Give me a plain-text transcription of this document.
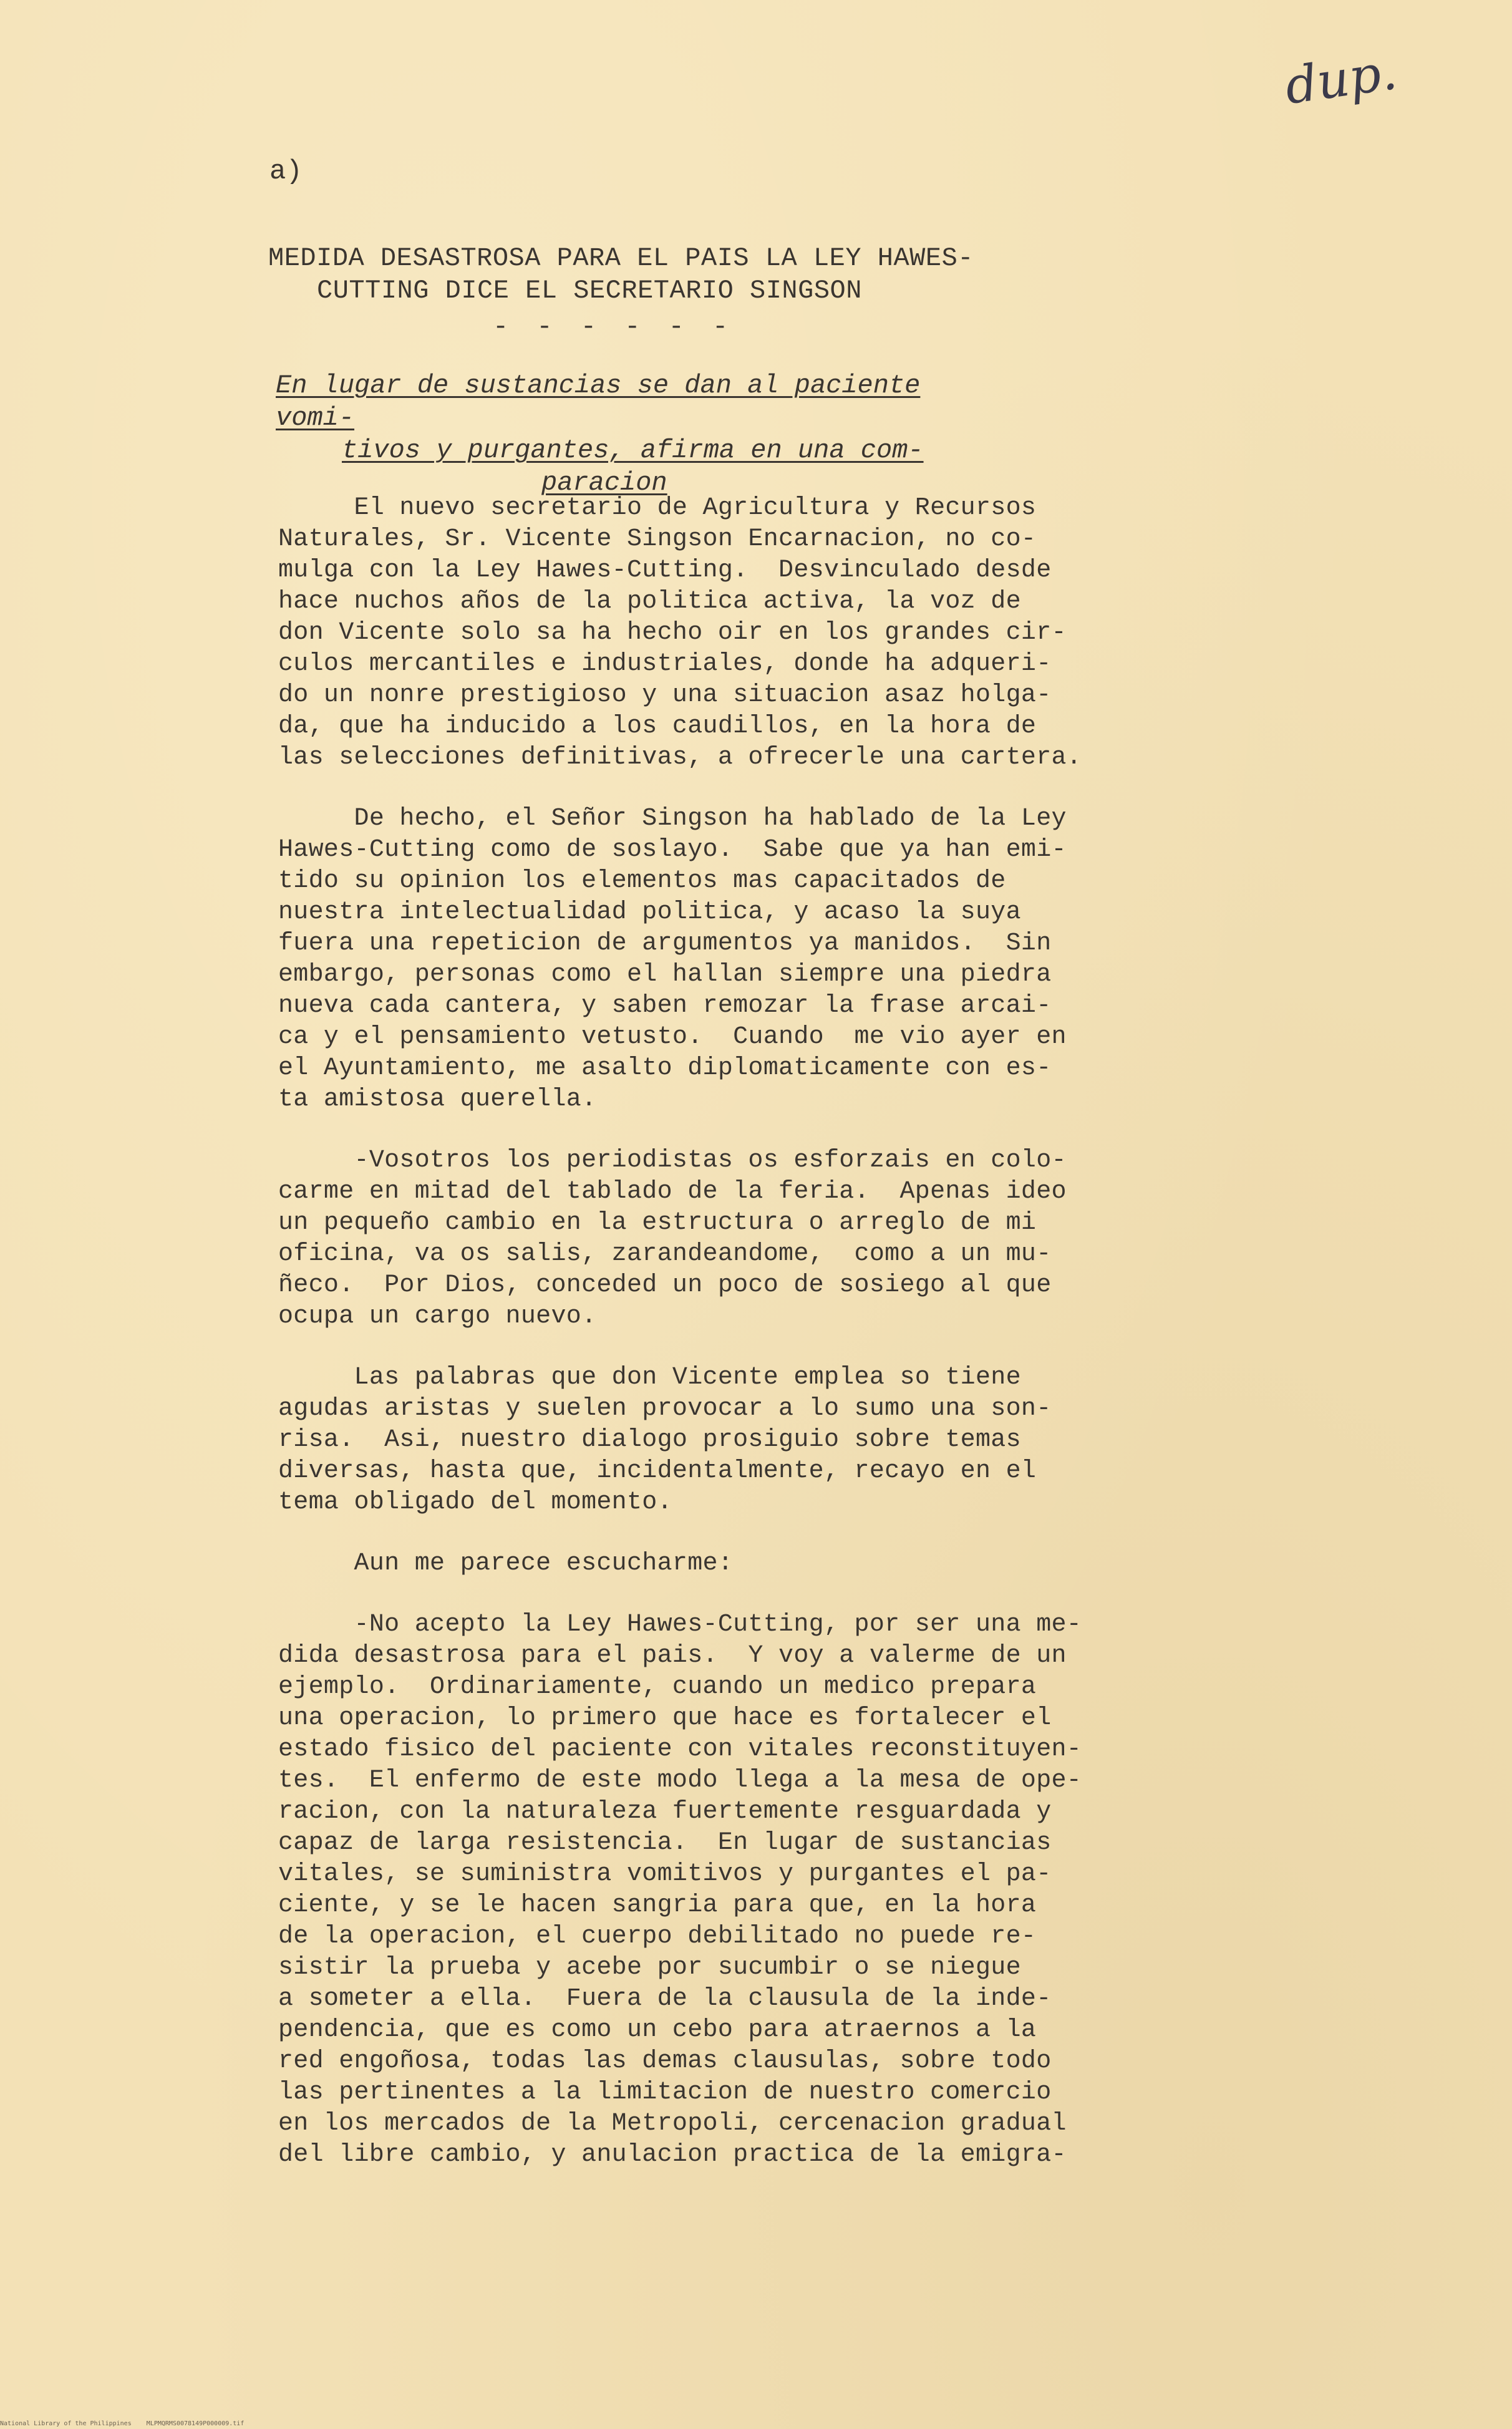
dup.
a)
MEDIDA DESASTROSA PARA EL PAIS LA LEY HAWES-
CUTTING DICE EL SECRETARIO SINGSON
- - - - - -
En lugar de sustancias se dan al paciente vomi-
tivos y purgantes, afirma en una com-
paracion
El nuevo secretario de Agricultura y Recursos
Naturales, Sr. Vicente Singson Encarnacion, no co-
mulga con la Ley Hawes-Cutting.  Desvinculado desde
hace nuchos años de la politica activa, la voz de
don Vicente solo sa ha hecho oir en los grandes cir-
culos mercantiles e industriales, donde ha adqueri-
do un nonre prestigioso y una situacion asaz holga-
da, que ha inducido a los caudillos, en la hora de
las selecciones definitivas, a ofrecerle una cartera.
De hecho, el Señor Singson ha hablado de la Ley
Hawes-Cutting como de soslayo.  Sabe que ya han emi-
tido su opinion los elementos mas capacitados de
nuestra intelectualidad politica, y acaso la suya
fuera una repeticion de argumentos ya manidos.  Sin
embargo, personas como el hallan siempre una piedra
nueva cada cantera, y saben remozar la frase arcai-
ca y el pensamiento vetusto.  Cuando  me vio ayer en
el Ayuntamiento, me asalto diplomaticamente con es-
ta amistosa querella.
-Vosotros los periodistas os esforzais en colo-
carme en mitad del tablado de la feria.  Apenas ideo
un pequeño cambio en la estructura o arreglo de mi
oficina, va os salis, zarandeandome,  como a un mu-
ñeco.  Por Dios, conceded un poco de sosiego al que
ocupa un cargo nuevo.
Las palabras que don Vicente emplea so tiene
agudas aristas y suelen provocar a lo sumo una son-
risa.  Asi, nuestro dialogo prosiguio sobre temas
diversas, hasta que, incidentalmente, recayo en el
tema obligado del momento.
Aun me parece escucharme:
-No acepto la Ley Hawes-Cutting, por ser una me-
dida desastrosa para el pais.  Y voy a valerme de un
ejemplo.  Ordinariamente, cuando un medico prepara
una operacion, lo primero que hace es fortalecer el
estado fisico del paciente con vitales reconstituyen-
tes.  El enfermo de este modo llega a la mesa de ope-
racion, con la naturaleza fuertemente resguardada y
capaz de larga resistencia.  En lugar de sustancias
vitales, se suministra vomitivos y purgantes el pa-
ciente, y se le hacen sangria para que, en la hora
de la operacion, el cuerpo debilitado no puede re-
sistir la prueba y acebe por sucumbir o se niegue
a someter a ella.  Fuera de la clausula de la inde-
pendencia, que es como un cebo para atraernos a la
red engoñosa, todas las demas clausulas, sobre todo
las pertinentes a la limitacion de nuestro comercio
en los mercados de la Metropoli, cercenacion gradual
del libre cambio, y anulacion practica de la emigra-
National Library of the Philippines    MLPMQRMS0078149P000009.tif
